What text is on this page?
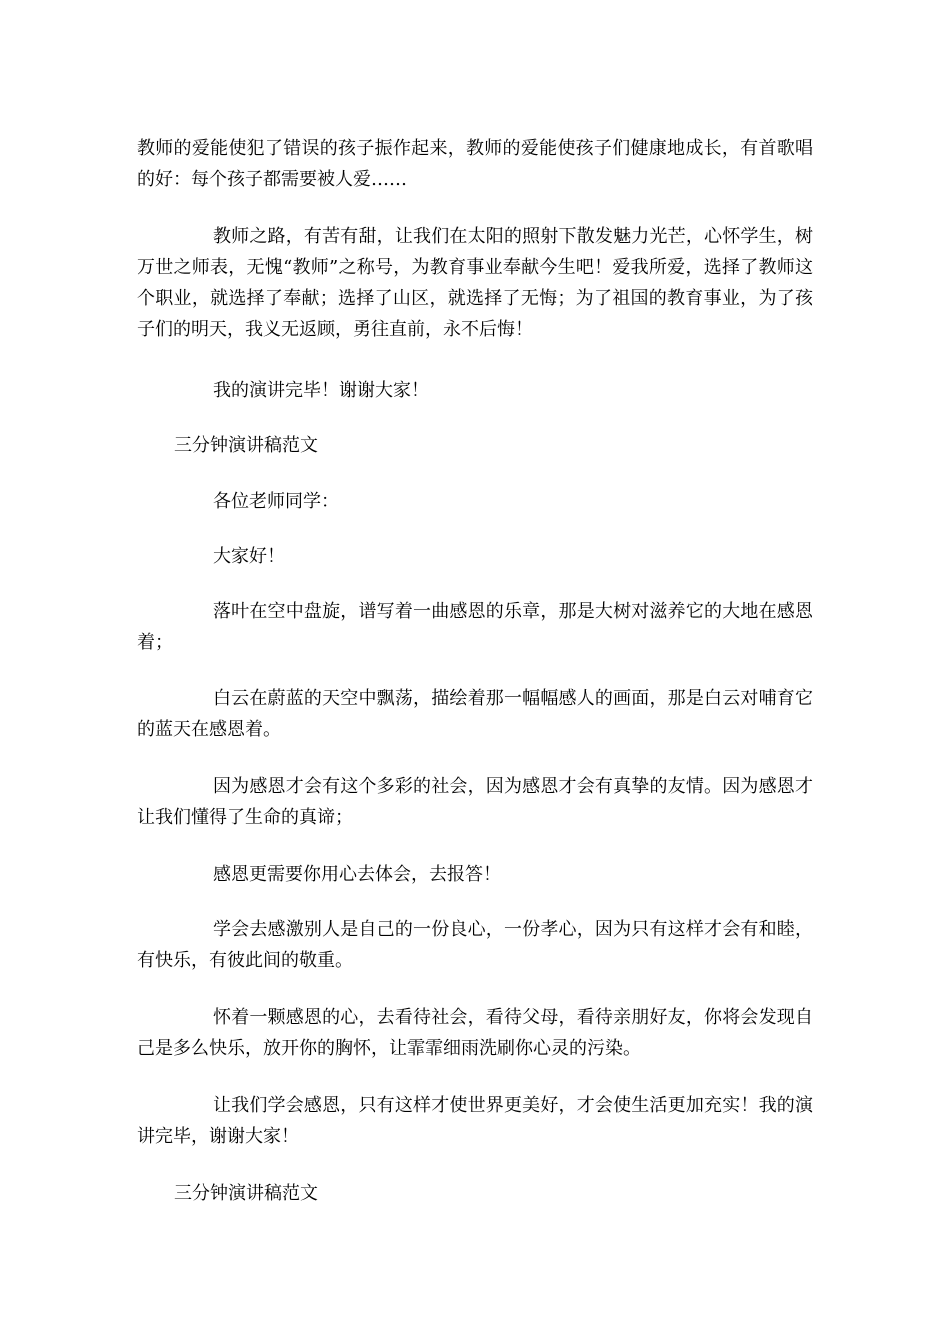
教师的爱能使犯了错误的孩子振作起来，教师的爱能使孩子们健康地成长，有首歌唱的好：每个孩子都需要被人爱……

教师之路，有苦有甜，让我们在太阳的照射下散发魅力光芒，心怀学生，树万世之师表，无愧“教师”之称号，为教育事业奉献今生吧！爱我所爱，选择了教师这个职业，就选择了奉献；选择了山区，就选择了无悔；为了祖国的教育事业，为了孩子们的明天，我义无返顾，勇往直前，永不后悔！

我的演讲完毕！谢谢大家！

三分钟演讲稿范文

各位老师同学：

大家好！

落叶在空中盘旋，谱写着一曲感恩的乐章，那是大树对滋养它的大地在感恩着；

白云在蔚蓝的天空中飘荡，描绘着那一幅幅感人的画面，那是白云对哺育它的蓝天在感恩着。

因为感恩才会有这个多彩的社会，因为感恩才会有真挚的友情。因为感恩才让我们懂得了生命的真谛；

感恩更需要你用心去体会，去报答！

学会去感激别人是自己的一份良心，一份孝心，因为只有这样才会有和睦，有快乐，有彼此间的敬重。

怀着一颗感恩的心，去看待社会，看待父母，看待亲朋好友，你将会发现自己是多么快乐，放开你的胸怀，让霏霏细雨洗刷你心灵的污染。

让我们学会感恩，只有这样才使世界更美好，才会使生活更加充实！我的演讲完毕，谢谢大家！

三分钟演讲稿范文
